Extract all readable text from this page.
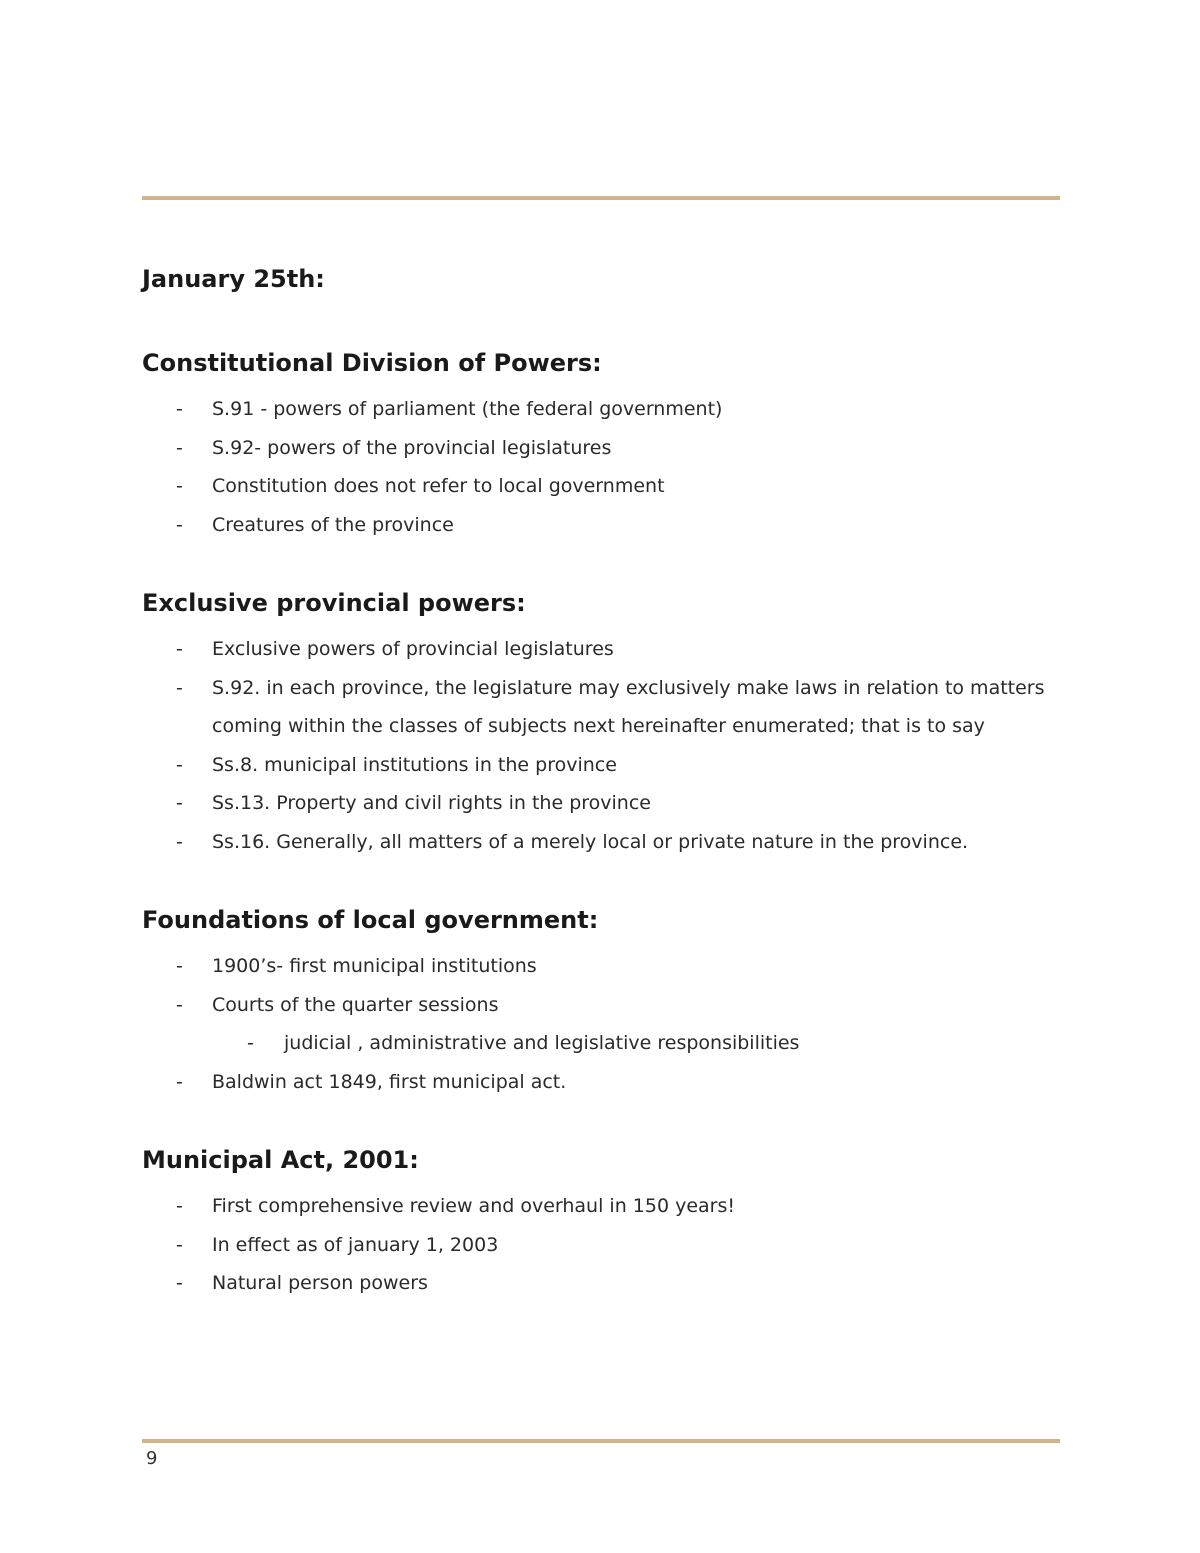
January 25th:
Constitutional Division of Powers:
- S.91 - powers of parliament (the federal government)
- S.92- powers of the provincial legislatures
- Constitution does not refer to local government
- Creatures of the province
Exclusive provincial powers:
- Exclusive powers of provincial legislatures
- S.92. in each province, the legislature may exclusively make laws in relation to matters coming within the classes of subjects next hereinafter enumerated; that is to say
- Ss.8. municipal institutions in the province
- Ss.13. Property and civil rights in the province
- Ss.16. Generally, all matters of a merely local or private nature in the province.
Foundations of local government:
- 1900’s- first municipal institutions
- Courts of the quarter sessions
- judicial , administrative and legislative responsibilities
- Baldwin act 1849, first municipal act.
Municipal Act, 2001:
- First comprehensive review and overhaul in 150 years!
- In effect as of january 1, 2003
- Natural person powers
9
